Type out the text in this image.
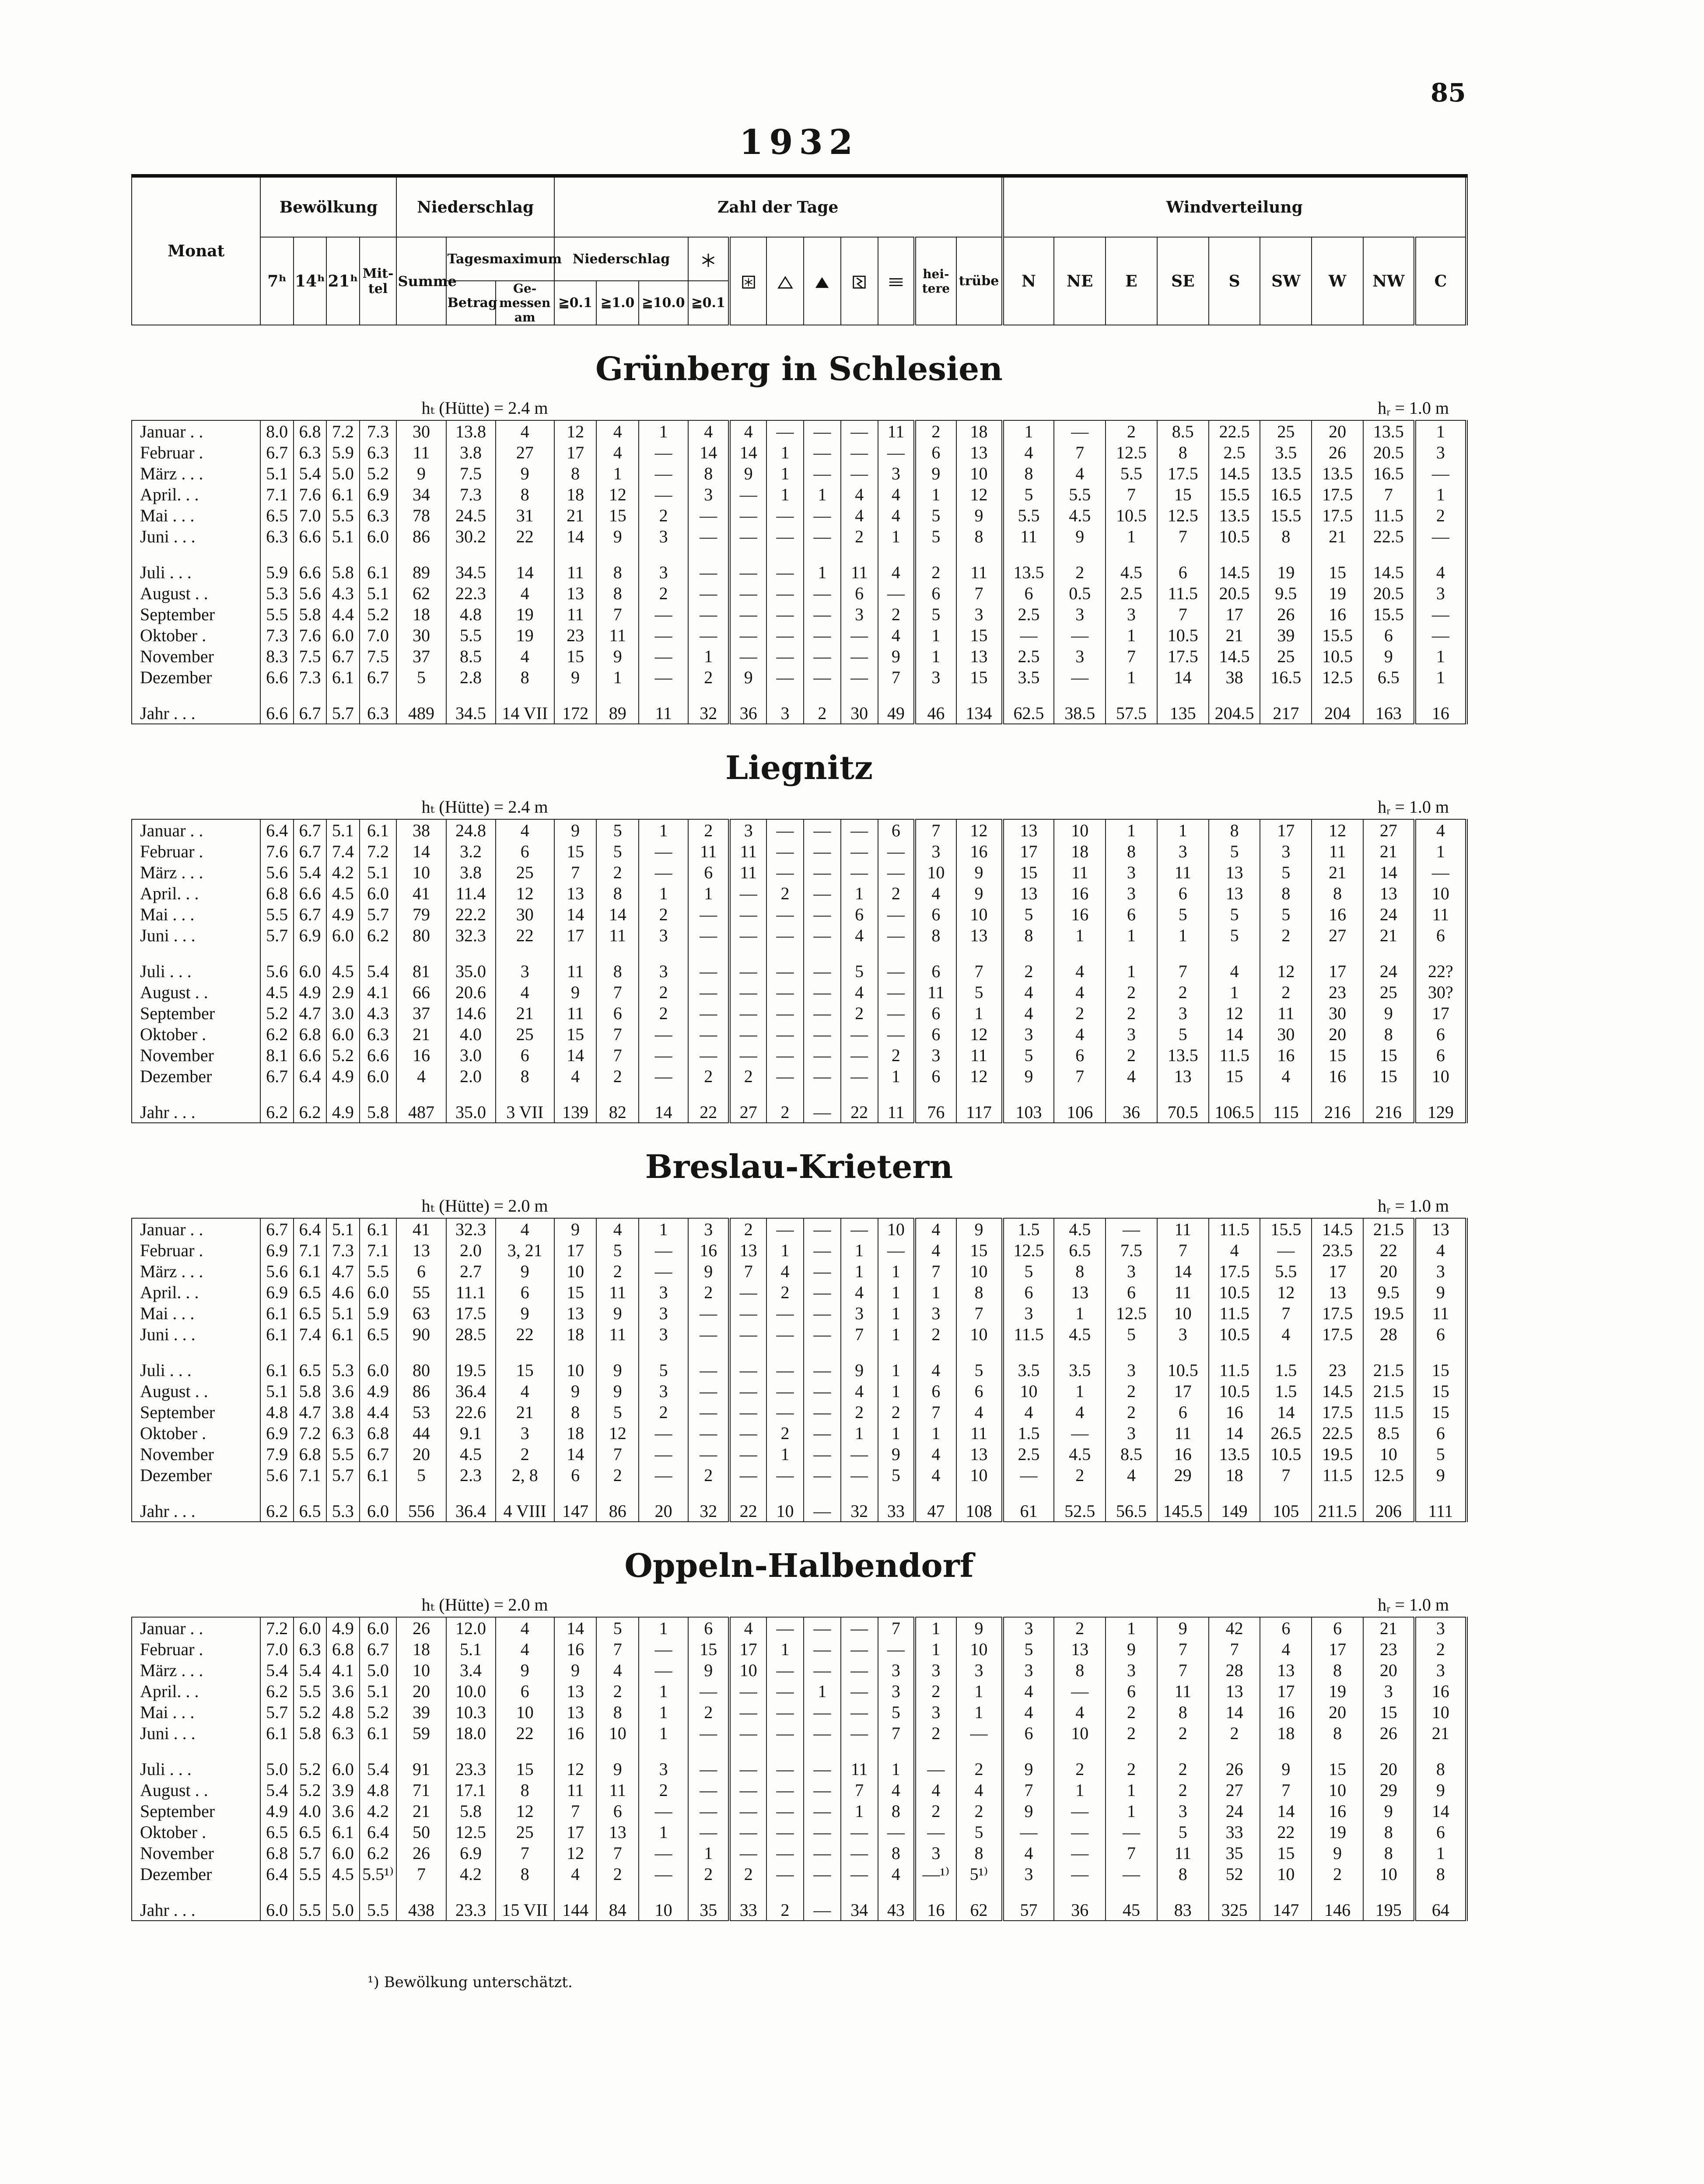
85
1932
Monat	Bewölkung				Niederschlag			Zahl der Tage											Windverteilung								
	7ʰ	14ʰ	21ʰ	Mit-tel	Summe	Tagesmaximum		Niederschlag									hei-tere	trübe	N	NE	E	SE	S	SW	W	NW	C
						Betrag	Ge-messen am	≧0.1	≧1.0	≧10.0	≧0.1																
Grünberg in Schlesien																											
hₜ (Hütte) = 2.4 m														hᵣ = 1.0 m													
Januar . .	8.0	6.8	7.2	7.3	30	13.8	4	12	4	1	4	4	—	—	—	11	2	18	1	—	2	8.5	22.5	25	20	13.5	1
Februar .	6.7	6.3	5.9	6.3	11	3.8	27	17	4	—	14	14	1	—	—	—	6	13	4	7	12.5	8	2.5	3.5	26	20.5	3
März . . .	5.1	5.4	5.0	5.2	9	7.5	9	8	1	—	8	9	1	—	—	3	9	10	8	4	5.5	17.5	14.5	13.5	13.5	16.5	—
April. . .	7.1	7.6	6.1	6.9	34	7.3	8	18	12	—	3	—	1	1	4	4	1	12	5	5.5	7	15	15.5	16.5	17.5	7	1
Mai . . .	6.5	7.0	5.5	6.3	78	24.5	31	21	15	2	—	—	—	—	4	4	5	9	5.5	4.5	10.5	12.5	13.5	15.5	17.5	11.5	2
Juni . . .	6.3	6.6	5.1	6.0	86	30.2	22	14	9	3	—	—	—	—	2	1	5	8	11	9	1	7	10.5	8	21	22.5	—

Juli . . .	5.9	6.6	5.8	6.1	89	34.5	14	11	8	3	—	—	—	1	11	4	2	11	13.5	2	4.5	6	14.5	19	15	14.5	4
August . .	5.3	5.6	4.3	5.1	62	22.3	4	13	8	2	—	—	—	—	6	—	6	7	6	0.5	2.5	11.5	20.5	9.5	19	20.5	3
September	5.5	5.8	4.4	5.2	18	4.8	19	11	7	—	—	—	—	—	3	2	5	3	2.5	3	3	7	17	26	16	15.5	—
Oktober .	7.3	7.6	6.0	7.0	30	5.5	19	23	11	—	—	—	—	—	—	4	1	15	—	—	1	10.5	21	39	15.5	6	—
November	8.3	7.5	6.7	7.5	37	8.5	4	15	9	—	1	—	—	—	—	9	1	13	2.5	3	7	17.5	14.5	25	10.5	9	1
Dezember	6.6	7.3	6.1	6.7	5	2.8	8	9	1	—	2	9	—	—	—	7	3	15	3.5	—	1	14	38	16.5	12.5	6.5	1

Jahr . . .	6.6	6.7	5.7	6.3	489	34.5	14 VII	172	89	11	32	36	3	2	30	49	46	134	62.5	38.5	57.5	135	204.5	217	204	163	16
Liegnitz																											
hₜ (Hütte) = 2.4 m														hᵣ = 1.0 m													
Januar . .	6.4	6.7	5.1	6.1	38	24.8	4	9	5	1	2	3	—	—	—	6	7	12	13	10	1	1	8	17	12	27	4
Februar .	7.6	6.7	7.4	7.2	14	3.2	6	15	5	—	11	11	—	—	—	—	3	16	17	18	8	3	5	3	11	21	1
März . . .	5.6	5.4	4.2	5.1	10	3.8	25	7	2	—	6	11	—	—	—	—	10	9	15	11	3	11	13	5	21	14	—
April. . .	6.8	6.6	4.5	6.0	41	11.4	12	13	8	1	1	—	2	—	1	2	4	9	13	16	3	6	13	8	8	13	10
Mai . . .	5.5	6.7	4.9	5.7	79	22.2	30	14	14	2	—	—	—	—	6	—	6	10	5	16	6	5	5	5	16	24	11
Juni . . .	5.7	6.9	6.0	6.2	80	32.3	22	17	11	3	—	—	—	—	4	—	8	13	8	1	1	1	5	2	27	21	6

Juli . . .	5.6	6.0	4.5	5.4	81	35.0	3	11	8	3	—	—	—	—	5	—	6	7	2	4	1	7	4	12	17	24	22?
August . .	4.5	4.9	2.9	4.1	66	20.6	4	9	7	2	—	—	—	—	4	—	11	5	4	4	2	2	1	2	23	25	30?
September	5.2	4.7	3.0	4.3	37	14.6	21	11	6	2	—	—	—	—	2	—	6	1	4	2	2	3	12	11	30	9	17
Oktober .	6.2	6.8	6.0	6.3	21	4.0	25	15	7	—	—	—	—	—	—	—	6	12	3	4	3	5	14	30	20	8	6
November	8.1	6.6	5.2	6.6	16	3.0	6	14	7	—	—	—	—	—	—	2	3	11	5	6	2	13.5	11.5	16	15	15	6
Dezember	6.7	6.4	4.9	6.0	4	2.0	8	4	2	—	2	2	—	—	—	1	6	12	9	7	4	13	15	4	16	15	10

Jahr . . .	6.2	6.2	4.9	5.8	487	35.0	3 VII	139	82	14	22	27	2	—	22	11	76	117	103	106	36	70.5	106.5	115	216	216	129
Breslau-Krietern																											
hₜ (Hütte) = 2.0 m														hᵣ = 1.0 m													
Januar . .	6.7	6.4	5.1	6.1	41	32.3	4	9	4	1	3	2	—	—	—	10	4	9	1.5	4.5	—	11	11.5	15.5	14.5	21.5	13
Februar .	6.9	7.1	7.3	7.1	13	2.0	3, 21	17	5	—	16	13	1	—	1	—	4	15	12.5	6.5	7.5	7	4	—	23.5	22	4
März . . .	5.6	6.1	4.7	5.5	6	2.7	9	10	2	—	9	7	4	—	1	1	7	10	5	8	3	14	17.5	5.5	17	20	3
April. . .	6.9	6.5	4.6	6.0	55	11.1	6	15	11	3	2	—	2	—	4	1	1	8	6	13	6	11	10.5	12	13	9.5	9
Mai . . .	6.1	6.5	5.1	5.9	63	17.5	9	13	9	3	—	—	—	—	3	1	3	7	3	1	12.5	10	11.5	7	17.5	19.5	11
Juni . . .	6.1	7.4	6.1	6.5	90	28.5	22	18	11	3	—	—	—	—	7	1	2	10	11.5	4.5	5	3	10.5	4	17.5	28	6

Juli . . .	6.1	6.5	5.3	6.0	80	19.5	15	10	9	5	—	—	—	—	9	1	4	5	3.5	3.5	3	10.5	11.5	1.5	23	21.5	15
August . .	5.1	5.8	3.6	4.9	86	36.4	4	9	9	3	—	—	—	—	4	1	6	6	10	1	2	17	10.5	1.5	14.5	21.5	15
September	4.8	4.7	3.8	4.4	53	22.6	21	8	5	2	—	—	—	—	2	2	7	4	4	4	2	6	16	14	17.5	11.5	15
Oktober .	6.9	7.2	6.3	6.8	44	9.1	3	18	12	—	—	—	2	—	1	1	1	11	1.5	—	3	11	14	26.5	22.5	8.5	6
November	7.9	6.8	5.5	6.7	20	4.5	2	14	7	—	—	—	1	—	—	9	4	13	2.5	4.5	8.5	16	13.5	10.5	19.5	10	5
Dezember	5.6	7.1	5.7	6.1	5	2.3	2, 8	6	2	—	2	—	—	—	—	5	4	10	—	2	4	29	18	7	11.5	12.5	9

Jahr . . .	6.2	6.5	5.3	6.0	556	36.4	4 VIII	147	86	20	32	22	10	—	32	33	47	108	61	52.5	56.5	145.5	149	105	211.5	206	111
Oppeln-Halbendorf																											
hₜ (Hütte) = 2.0 m														hᵣ = 1.0 m													
Januar . .	7.2	6.0	4.9	6.0	26	12.0	4	14	5	1	6	4	—	—	—	7	1	9	3	2	1	9	42	6	6	21	3
Februar .	7.0	6.3	6.8	6.7	18	5.1	4	16	7	—	15	17	1	—	—	—	1	10	5	13	9	7	7	4	17	23	2
März . . .	5.4	5.4	4.1	5.0	10	3.4	9	9	4	—	9	10	—	—	—	3	3	3	3	8	3	7	28	13	8	20	3
April. . .	6.2	5.5	3.6	5.1	20	10.0	6	13	2	1	—	—	—	1	—	3	2	1	4	—	6	11	13	17	19	3	16
Mai . . .	5.7	5.2	4.8	5.2	39	10.3	10	13	8	1	2	—	—	—	—	5	3	1	4	4	2	8	14	16	20	15	10
Juni . . .	6.1	5.8	6.3	6.1	59	18.0	22	16	10	1	—	—	—	—	—	7	2	—	6	10	2	2	2	18	8	26	21

Juli . . .	5.0	5.2	6.0	5.4	91	23.3	15	12	9	3	—	—	—	—	11	1	—	2	9	2	2	2	26	9	15	20	8
August . .	5.4	5.2	3.9	4.8	71	17.1	8	11	11	2	—	—	—	—	7	4	4	4	7	1	1	2	27	7	10	29	9
September	4.9	4.0	3.6	4.2	21	5.8	12	7	6	—	—	—	—	—	1	8	2	2	9	—	1	3	24	14	16	9	14
Oktober .	6.5	6.5	6.1	6.4	50	12.5	25	17	13	1	—	—	—	—	—	—	—	5	—	—	—	5	33	22	19	8	6
November	6.8	5.7	6.0	6.2	26	6.9	7	12	7	—	1	—	—	—	—	8	3	8	4	—	7	11	35	15	9	8	1
Dezember	6.4	5.5	4.5	5.5¹⁾	7	4.2	8	4	2	—	2	2	—	—	—	4	—¹⁾	5¹⁾	3	—	—	8	52	10	2	10	8

Jahr . . .	6.0	5.5	5.0	5.5	438	23.3	15 VII	144	84	10	35	33	2	—	34	43	16	62	57	36	45	83	325	147	146	195	64
¹) Bewölkung unterschätzt.
